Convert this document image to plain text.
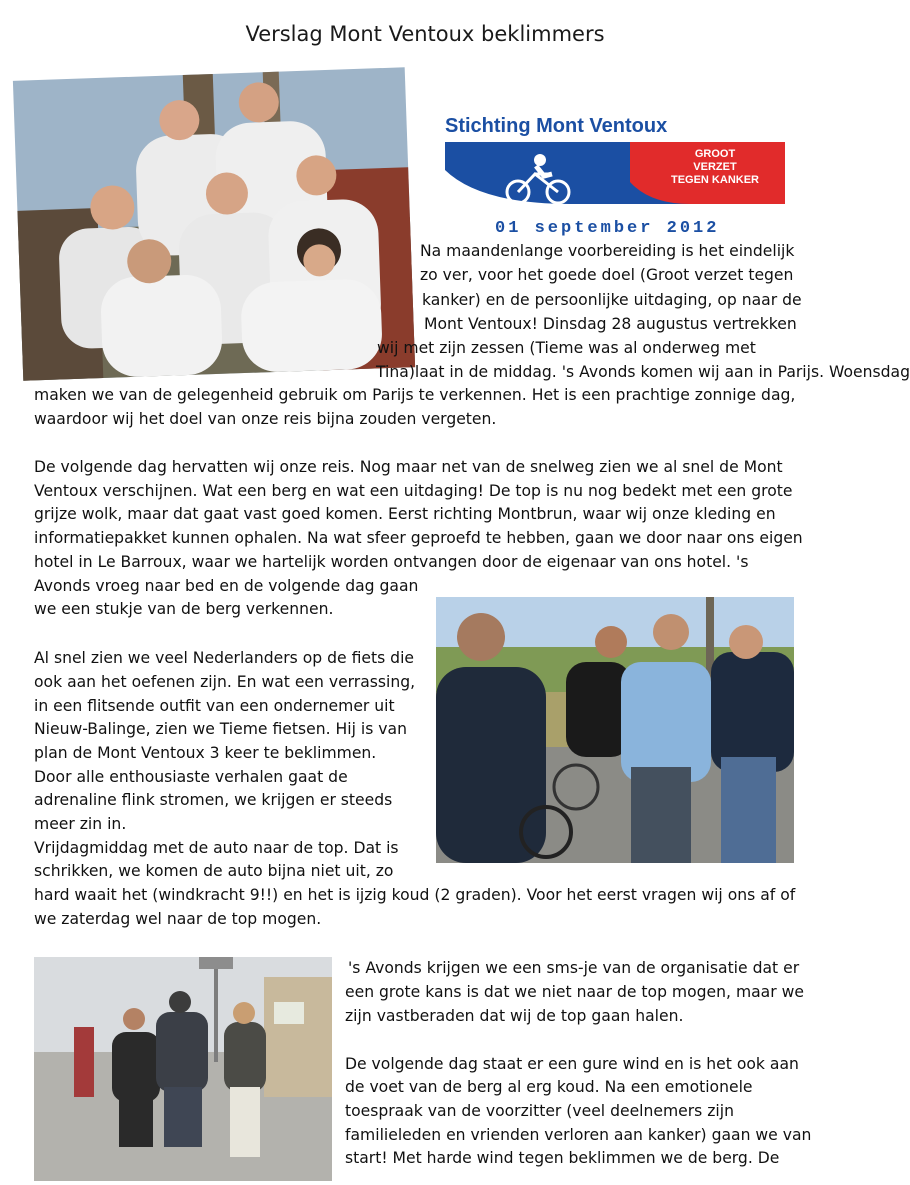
Verslag Mont Ventoux beklimmers
Stichting Mont Ventoux
GROOT
VERZET
TEGEN KANKER
01 september 2012
Na maandenlange voorbereiding is het eindelijk
zo ver, voor het goede doel (Groot verzet tegen
kanker) en de persoonlijke uitdaging, op naar de
Mont Ventoux! Dinsdag 28 augustus vertrekken
wij met zijn zessen (Tieme was al onderweg met
Tina)laat in de middag. 's Avonds komen wij aan in Parijs. Woensdag
maken we van de gelegenheid gebruik om Parijs te verkennen. Het is een prachtige zonnige dag,
waardoor wij het doel van onze reis bijna zouden vergeten.
De volgende dag hervatten wij onze reis. Nog maar net van de snelweg zien we al snel de Mont
Ventoux verschijnen. Wat een berg en wat een uitdaging! De top is nu nog bedekt met een grote
grijze wolk, maar dat gaat vast goed komen. Eerst richting Montbrun, waar wij onze kleding en
informatiepakket kunnen ophalen. Na wat sfeer geproefd te hebben, gaan we door naar ons eigen
hotel in Le Barroux, waar we hartelijk worden ontvangen door de eigenaar van ons hotel. 's
Avonds vroeg naar bed en de volgende dag gaan
we een stukje van de berg verkennen.
Al snel zien we veel Nederlanders op de fiets die
ook aan het oefenen zijn. En wat een verrassing,
in een flitsende outfit van een ondernemer uit
Nieuw-Balinge, zien we Tieme fietsen. Hij is van
plan de Mont Ventoux 3 keer te beklimmen.
Door alle enthousiaste verhalen gaat de
adrenaline flink stromen, we krijgen er steeds
meer zin in.
Vrijdagmiddag met de auto naar de top. Dat is
schrikken, we komen de auto bijna niet uit, zo
hard waait het (windkracht 9!!) en het is ijzig koud (2 graden). Voor het eerst vragen wij ons af of
we zaterdag wel naar de top mogen.
's Avonds krijgen we een sms-je van de organisatie dat er
een grote kans is dat we niet naar de top mogen, maar we
zijn vastberaden dat wij de top gaan halen.
De volgende dag staat er een gure wind en is het ook aan
de voet van de berg al erg koud. Na een emotionele
toespraak van de voorzitter (veel deelnemers zijn
familieleden en vrienden verloren aan kanker) gaan we van
start! Met harde wind tegen beklimmen we de berg. De
